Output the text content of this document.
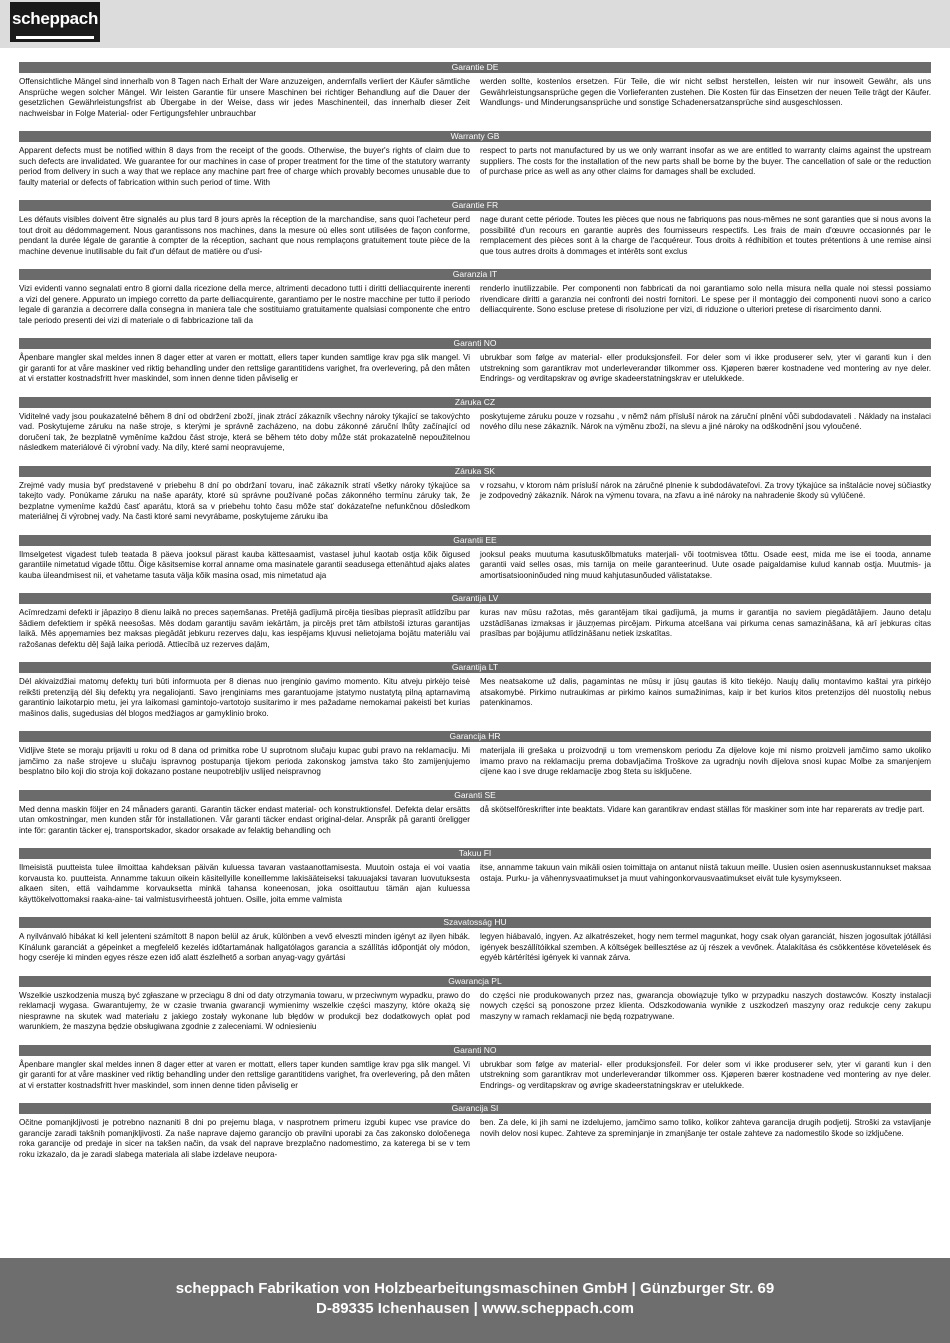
scheppach
Garantie DE
Offensichtliche Mängel sind innerhalb von 8 Tagen nach Erhalt der Ware anzuzeigen, andernfalls verliert der Käufer sämtliche Ansprüche wegen solcher Mängel. Wir leisten Garantie für unsere Maschinen bei richtiger Behandlung auf die Dauer der gesetzlichen Gewährleistungsfrist ab Übergabe in der Weise, dass wir jedes Maschinenteil, das innerhalb dieser Zeit nachweisbar in Folge Material- oder Fertigungsfehler unbrauchbar
werden sollte, kostenlos ersetzen. Für Teile, die wir nicht selbst herstellen, leisten wir nur insoweit Gewähr, als uns Gewährleistungsansprüche gegen die Vorlieferanten zustehen. Die Kosten für das Einsetzen der neuen Teile trägt der Käufer. Wandlungs- und Minderungsansprüche und sonstige Schadenersatzansprüche sind ausgeschlossen.
Warranty GB
Apparent defects must be notified within 8 days from the receipt of the goods. Otherwise, the buyer's rights of claim due to such defects are invalidated. We guarantee for our machines in case of proper treatment for the time of the statutory warranty period from delivery in such a way that we replace any machine part free of charge which provably becomes unusable due to faulty material or defects of fabrication within such period of time. With
respect to parts not manufactured by us we only warrant insofar as we are entitled to warranty claims against the upstream suppliers. The costs for the installation of the new parts shall be borne by the buyer. The cancellation of sale or the reduction of purchase price as well as any other claims for damages shall be excluded.
Garantie FR
Les défauts visibles doivent être signalés au plus tard 8 jours après la réception de la marchandise, sans quoi l'acheteur perd tout droit au dédommagement. Nous garantissons nos machines, dans la mesure où elles sont utilisées de façon conforme, pendant la durée légale de garantie à compter de la réception, sachant que nous remplaçons gratuitement toute pièce de la machine devenue inutilisable du fait d'un défaut de matière ou d'usi-
nage durant cette période. Toutes les pièces que nous ne fabriquons pas nous-mêmes ne sont garanties que si nous avons la possibilité d'un recours en garantie auprès des fournisseurs respectifs. Les frais de main d'œuvre occasionnés par le remplacement des pièces sont à la charge de l'acquéreur. Tous droits à rédhibition et toutes prétentions à une remise ainsi que tous autres droits à dommages et intérêts sont exclus
Garanzia IT
Vizi evidenti vanno segnalati entro 8 giorni dalla ricezione della merce, altrimenti decadono tutti i diritti delliacquirente inerenti a vizi del genere. Appurato un impiego corretto da parte delliacquirente, garantiamo per le nostre macchine per tutto il periodo legale di garanzia a decorrere dalla consegna in maniera tale che sostituiamo gratuitamente qualsiasi componente che entro tale periodo presenti dei vizi di materiale o di fabbricazione tali da
renderlo inutilizzabile. Per componenti non fabbricati da noi garantiamo solo nella misura nella quale noi stessi possiamo rivendicare diritti a garanzia nei confronti dei nostri fornitori. Le spese per il montaggio dei componenti nuovi sono a carico delliacquirente. Sono escluse pretese di risoluzione per vizi, di riduzione o ulteriori pretese di risarcimento danni.
Garanti NO
Åpenbare mangler skal meldes innen 8 dager etter at varen er mottatt, ellers taper kunden samtlige krav pga slik mangel. Vi gir garanti for at våre maskiner ved riktig behandling under den rettslige garantitidens varighet, fra overlevering, på den måten at vi erstatter kostnadsfritt hver maskindel, som innen denne tiden påviselig er
ubrukbar som følge av material- eller produksjonsfeil. For deler som vi ikke produserer selv, yter vi garanti kun i den utstrekning som garantikrav mot underleverandør tilkommer oss. Kjøperen bærer kostnadene ved montering av nye deler. Endrings- og verditapskrav og øvrige skadeerstatningskrav er utelukkede.
Záruka CZ
Viditelné vady jsou poukazatelné během 8 dní od obdržení zboží, jinak ztrácí zákazník všechny nároky týkající se takovýchto vad. Poskytujeme záruku na naše stroje, s kterými je správně zacházeno, na dobu zákonné záruční lhůty začínající od doručení tak, že bezplatně vyměníme každou část stroje, která se během této doby může stát prokazatelně nepoužitelnou následkem materiálové či výrobní vady. Na díly, které sami neopravujeme,
poskytujeme záruku pouze v rozsahu , v němž nám přísluší nárok na záruční plnění vůči subdodavateli . Náklady na instalaci nového dílu nese zákazník. Nárok na výměnu zboží, na slevu a jiné nároky na odškodnění jsou vyloučené.
Záruka SK
Zrejmé vady musia byť predstavené v priebehu 8 dní po obdržaní tovaru, inač zákazník stratí všetky nároky týkajúce sa takejto vady. Ponúkame záruku na naše aparáty, ktoré sú správne používané počas zákonného termínu záruky tak, že bezplatne vymeníme každú časť aparátu, ktorá sa v priebehu tohto času môže stať dokázateľne nefunkčnou dôsledkom materiálnej či výrobnej vady. Na časti ktoré sami nevyrábame, poskytujeme záruku iba
v rozsahu, v ktorom nám prísluší nárok na záručné plnenie k subdodávateľovi. Za trovy týkajúce sa inštalácie novej súčiastky je zodpovedný zákazník. Nárok na výmenu tovara, na zľavu a iné nároky na nahradenie škody sú vylúčené.
Garantii EE
Ilmselgetest vigadest tuleb teatada 8 päeva jooksul pärast kauba kättesaamist, vastasel juhul kaotab ostja kõik õigused garantiile nimetatud vigade tõttu. Õige käsitsemise korral anname oma masinatele garantii seadusega ettenähtud ajaks alates kauba üleandmisest nii, et vahetame tasuta välja kõik masina osad, mis nimetatud aja
jooksul peaks muutuma kasutuskõlbmatuks materjali- või tootmisvea tõttu. Osade eest, mida me ise ei tooda, anname garantii vaid selles osas, mis tarnija on meile garanteerinud. Uute osade paigaldamise kulud kannab ostja. Muutmis- ja amortisatsiooninõuded ning muud kahjutasunõuded välistatakse.
Garantija LV
Acīmredzami defekti ir jāpaziņo 8 dienu laikā no preces saņemšanas. Pretējā gadījumā pircēja tiesības pieprasīt atlīdzību par šādiem defektiem ir spēkā neesošas. Mēs dodam garantiju savām iekārtām, ja pircējs pret tām atbilstoši izturas garantijas laikā. Mēs apņemamies bez maksas piegādāt jebkuru rezerves daļu, kas iespējams kļuvusi nelietojama bojātu materiālu vai ražošanas defektu dēļ šajā laika periodā. Attiecībā uz rezerves daļām,
kuras nav mūsu ražotas, mēs garantējam tikai gadījumā, ja mums ir garantija no saviem piegādātājiem. Jauno detaļu uzstādīšanas izmaksas ir jāuzņemas pircējam. Pirkuma atcelšana vai pirkuma cenas samazināšana, kā arī jebkuras citas prasības par bojājumu atlīdzināšanu netiek izskatītas.
Garantija LT
Dėl akivaizdžiai matomų defektų turi būti informuota per 8 dienas nuo įrenginio gavimo momento. Kitu atveju pirkėjo teisė reikšti pretenziją dėl šių defektų yra negaliojanti. Savo įrenginiams mes garantuojame įstatymo nustatytą pilną aptarnavimą garantinio laikotarpio metu, jei yra laikomasi gamintojo-vartotojo susitarimo ir mes pažadame nemokamai pakeisti bet kurias mašinos dalis, sugedusias dėl blogos medžiagos ar gamyklinio broko.
Mes neatsakome už dalis, pagamintas ne mūsų ir jūsų gautas iš kito tiekėjo. Naujų dalių montavimo kaštai yra pirkėjo atsakomybė. Pirkimo nutraukimas ar pirkimo kainos sumažinimas, kaip ir bet kurios kitos pretenzijos dėl nuostolių nebus patenkinamos.
Garancija HR
Vidljive štete se moraju prijaviti u roku od 8 dana od primitka robe U suprotnom slučaju kupac gubi pravo na reklamaciju. Mi jamčimo za naše strojeve u slučaju ispravnog postupanja tijekom perioda zakonskog jamstva tako što zamijenjujemo besplatno bilo koji dio stroja koji dokazano postane neupotrebljiv uslijed neispravnog
materijala ili grešaka u proizvodnji u tom vremenskom periodu Za dijelove koje mi nismo proizveli jamčimo samo ukoliko imamo pravo na reklamaciju prema dobavljačima Troškove za ugradnju novih dijelova snosi kupac Molbe za smanjenjem cijene kao i sve druge reklamacije zbog šteta su isključene.
Garanti SE
Med denna maskin följer en 24 månaders garanti. Garantin täcker endast material- och konstruktionsfel. Defekta delar ersätts utan omkostningar, men kunden står för installationen. Vår garanti täcker endast original-delar. Anspråk på garanti öreligger inte för: garantin täcker ej, transportskador, skador orsakade av felaktig behandling och
då skötselföreskrifter inte beaktats. Vidare kan garantikrav endast ställas för maskiner som inte har reparerats av tredje part.
Takuu FI
Ilmeisistä puutteista tulee ilmoittaa kahdeksan päivän kuluessa tavaran vastaanottamisesta. Muutoin ostaja ei voi vaatia korvausta ko. puutteista. Annamme takuun oikein käsitellyille koneillemme lakisääteiseksi takuuajaksi tavaran luovutuksesta alkaen siten, että vaihdamme korvauksetta minkä tahansa koneenosan, joka osoittautuu tämän ajan kuluessa käyttökelvottomaksi raaka-aine- tai valmistusvirheestä johtuen. Osille, joita emme valmista
itse, annamme takuun vain mikäli osien toimittaja on antanut niistä takuun meille. Uusien osien asennuskustannukset maksaa ostaja. Purku- ja vähennysvaatimukset ja muut vahingonkorvausvaatimukset eivät tule kysymykseen.
Szavatosság HU
A nyilvánvaló hibákat ki kell jelenteni számított 8 napon belül az áruk, különben a vevő elveszti minden igényt az ilyen hibák. Kínálunk garanciát a gépeinket a megfelelő kezelés időtartamának hallgatólagos garancia a szállítás időpontját oly módon, hogy cseréje ki minden egyes része ezen idő alatt észlelhető a sorban anyag-vagy gyártási
legyen hiábavaló, ingyen. Az alkatrészeket, hogy nem termel magunkat, hogy csak olyan garanciát, hiszen jogosultak jótállási igények beszállítóikkal szemben. A költségek beillesztése az új részek a vevőnek. Átalakítása és csökkentése követelések és egyéb kártérítési igények ki vannak zárva.
Gwarancja PL
Wszelkie uszkodzenia muszą być zgłaszane w przeciągu 8 dni od daty otrzymania towaru, w przeciwnym wypadku, prawo do reklamacji wygasa. Gwarantujemy, że w czasie trwania gwarancji wymienimy wszelkie części maszyny, które okażą się niesprawne na skutek wad materiału z jakiego zostały wykonane lub błędów w produkcji bez dodatkowych opłat pod warunkiem, że maszyna będzie obsługiwana zgodnie z zaleceniami. W odniesieniu
do części nie produkowanych przez nas, gwarancja obowiązuje tylko w przypadku naszych dostawców. Koszty instalacji nowych części są ponoszone przez klienta. Odszkodowania wynikłe z uszkodzeń maszyny oraz redukcje ceny zakupu maszyny w ramach reklamacji nie będą rozpatrywane.
Garanti NO
Åpenbare mangler skal meldes innen 8 dager etter at varen er mottatt, ellers taper kunden samtlige krav pga slik mangel. Vi gir garanti for at våre maskiner ved riktig behandling under den rettslige garantitidens varighet, fra overlevering, på den måten at vi erstatter kostnadsfritt hver maskindel, som innen denne tiden påviselig er
ubrukbar som følge av material- eller produksjonsfeil. For deler som vi ikke produserer selv, yter vi garanti kun i den utstrekning som garantikrav mot underleverandør tilkommer oss. Kjøperen bærer kostnadene ved montering av nye deler. Endrings- og verditapskrav og øvrige skadeerstatningskrav er utelukkede.
Garancija SI
Očitne pomanjkljivosti je potrebno naznaniti 8 dni po prejemu blaga, v nasprotnem primeru izgubi kupec vse pravice do garancije zaradi takšnih pomanjkljivosti. Za naše naprave dajemo garancijo ob pravilni uporabi za čas zakonsko določenega roka garancije od predaje in sicer na takšen način, da vsak del naprave brezplačno nadomestimo, za katerega bi se v tem roku izkazalo, da je zaradi slabega materiala ali slabe izdelave neupora-
ben. Za dele, ki jih sami ne izdelujemo, jamčimo samo toliko, kolikor zahteva garancija drugih podjetij. Stroški za vstavljanje novih delov nosi kupec. Zahteve za spreminjanje in zmanjšanje ter ostale zahteve za nadomestilo škode so izključene.
scheppach Fabrikation von Holzbearbeitungsmaschinen GmbH | Günzburger Str. 69
D-89335 Ichenhausen | www.scheppach.com
